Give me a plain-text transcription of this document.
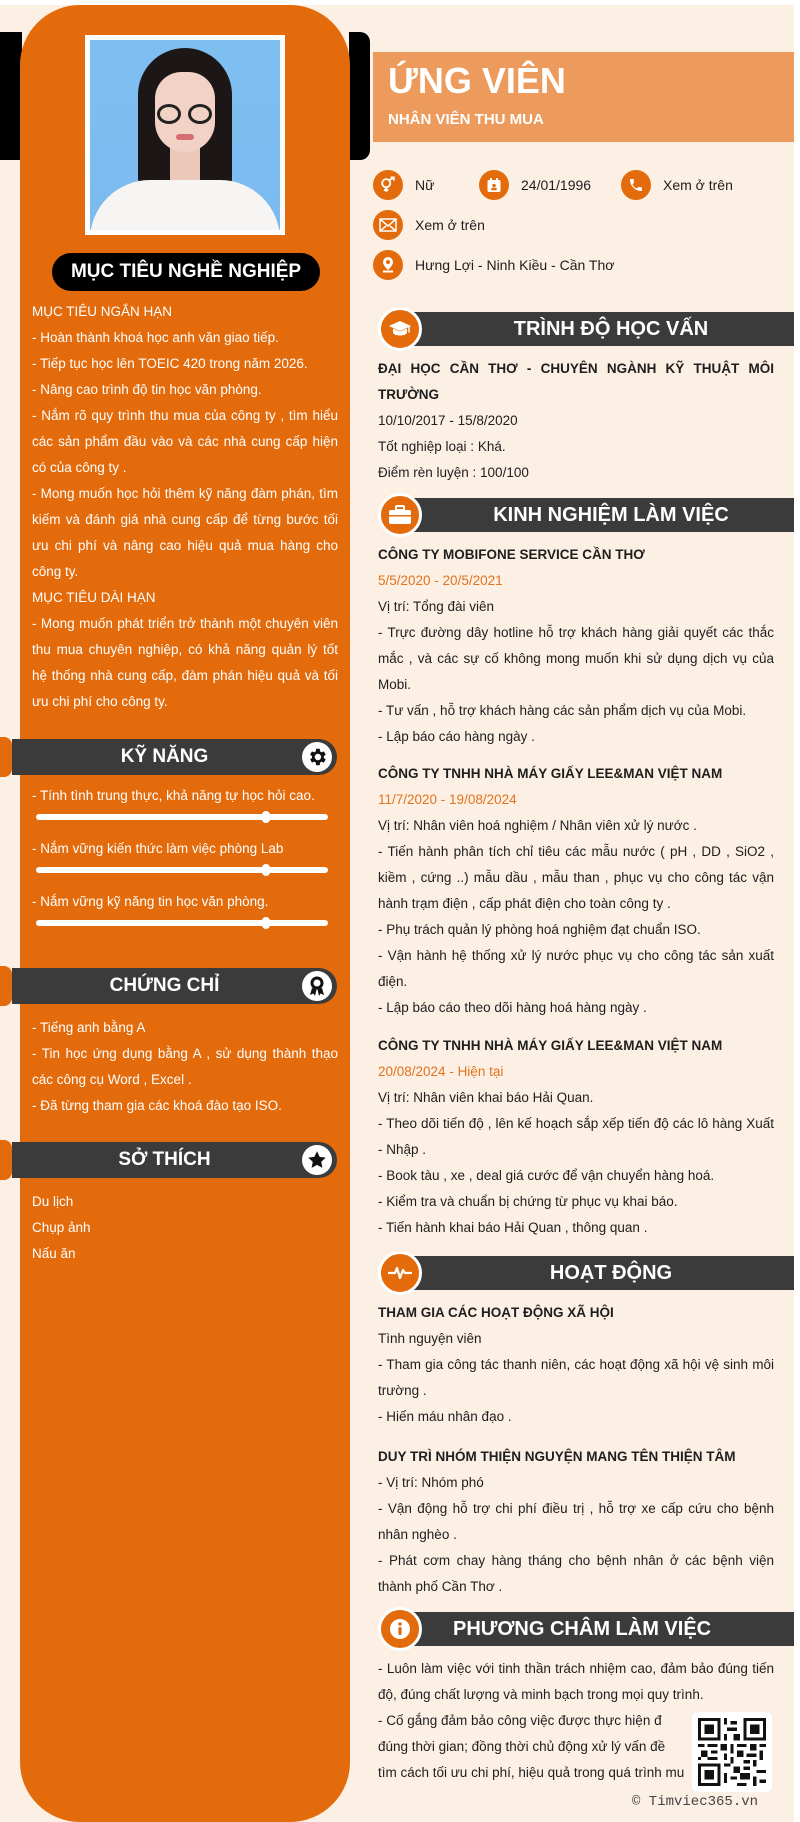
MỤC TIÊU NGHỀ NGHIỆP

MỤC TIÊU NGẮN HẠN

- Hoàn thành khoá học anh văn giao tiếp.

- Tiếp tục học lên TOEIC 420 trong năm 2026.

- Nâng cao trình độ tin học văn phòng.

- Nắm rõ quy trình thu mua của công ty , tìm hiểu các sản phẩm đầu vào và các nhà cung cấp hiện có của công ty .

- Mong muốn học hỏi thêm kỹ năng đàm phán, tìm kiếm và đánh giá nhà cung cấp để từng bước tối ưu chi phí và nâng cao hiệu quả mua hàng cho công ty.

MỤC TIÊU DÀI HẠN

- Mong muốn phát triển trở thành một chuyên viên thu mua chuyên nghiệp, có khả năng quản lý tốt hệ thống nhà cung cấp, đàm phán hiệu quả và tối ưu chi phí cho công ty.

KỸ NĂNG
- Tính tình trung thực, khả năng tự học hỏi cao.
- Nắm vững kiến thức làm việc phòng Lab
- Nắm vững kỹ năng tin học văn phòng.
CHỨNG CHỈ

- Tiếng anh bằng A

- Tin học ứng dụng bằng A , sử dụng thành thạo các công cụ Word , Excel .

- Đã từng tham gia các khoá đào tạo ISO.

SỞ THÍCH

Du lịch

Chụp ảnh

Nấu ăn

ỨNG VIÊN
NHÂN VIÊN THU MUA
Nữ	24/01/1996	Xem ở trên
Xem ở trên
Hưng Lợi - Ninh Kiều - Cần Thơ
TRÌNH ĐỘ HỌC VẤN
ĐẠI HỌC CẦN THƠ - CHUYÊN NGÀNH KỸ THUẬT MÔI TRƯỜNG
10/10/2017 - 15/8/2020
Tốt nghiệp loại : Khá.
Điểm rèn luyện : 100/100
KINH NGHIỆM LÀM VIỆC
CÔNG TY MOBIFONE SERVICE CẦN THƠ
5/5/2020 - 20/5/2021
Vị trí: Tổng đài viên
- Trực đường dây hotline hỗ trợ khách hàng giải quyết các thắc mắc , và các sự cố không mong muốn khi sử dụng dịch vụ của Mobi.
- Tư vấn , hỗ trợ khách hàng các sản phẩm dịch vụ của Mobi.
- Lập báo cáo hàng ngày .
CÔNG TY TNHH NHÀ MÁY GIẤY LEE&MAN VIỆT NAM
11/7/2020 - 19/08/2024
Vị trí: Nhân viên hoá nghiệm / Nhân viên xử lý nước .
- Tiến hành phân tích chỉ tiêu các mẫu nước ( pH , DD , SiO2 , kiềm , cứng ..) mẫu dầu , mẫu than , phục vụ cho công tác vận hành trạm điện , cấp phát điện cho toàn công ty .
- Phụ trách quản lý phòng hoá nghiệm đạt chuẩn ISO.
- Vận hành hệ thống xử lý nước phục vụ cho công tác sản xuất điện.
- Lập báo cáo theo dõi hàng hoá hàng ngày .
CÔNG TY TNHH NHÀ MÁY GIẤY LEE&MAN VIỆT NAM
20/08/2024 - Hiện tại
Vị trí: Nhân viên khai báo Hải Quan.
- Theo dõi tiến độ , lên kế hoạch sắp xếp tiến độ các lô hàng Xuất - Nhập .
- Book tàu , xe , deal giá cước để vận chuyển hàng hoá.
- Kiểm tra và chuẩn bị chứng từ phục vụ khai báo.
- Tiến hành khai báo Hải Quan , thông quan .
HOẠT ĐỘNG
THAM GIA CÁC HOẠT ĐỘNG XÃ HỘI
Tình nguyện viên
- Tham gia công tác thanh niên, các hoạt động xã hội vệ sinh môi trường .
- Hiến máu nhân đạo .
DUY TRÌ NHÓM THIỆN NGUYỆN MANG TÊN THIỆN TÂM
- Vị trí: Nhóm phó
- Vận động hỗ trợ chi phí điều trị , hỗ trợ xe cấp cứu cho bệnh nhân nghèo .
- Phát cơm chay hàng tháng cho bệnh nhân ở các bệnh viện thành phố Cần Thơ .
PHƯƠNG CHÂM LÀM VIỆC
- Luôn làm việc với tinh thần trách nhiệm cao, đảm bảo đúng tiến độ, đúng chất lượng và minh bạch trong mọi quy trình.
- Cố gắng đảm bảo công việc được thực hiện đ
đúng thời gian; đồng thời chủ động xử lý vấn đề
tìm cách tối ưu chi phí, hiệu quả trong quá trình mu
© Timviec365.vn
